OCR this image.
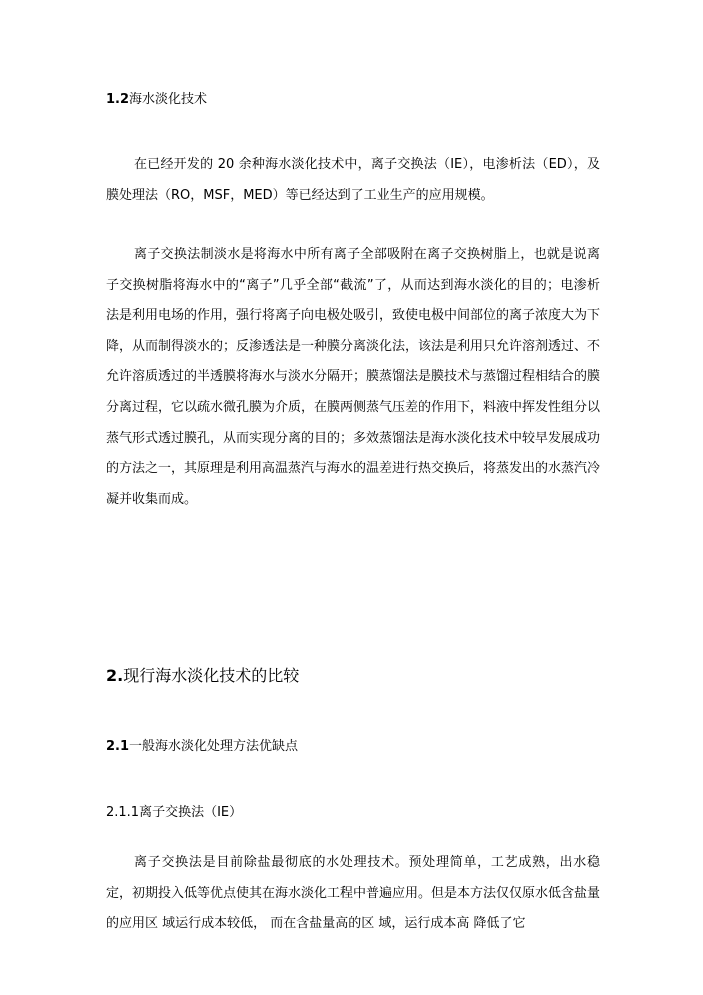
1.2海水淡化技术

在已经开发的 20 余种海水淡化技术中，离子交换法（IE），电渗析法（ED），及膜处理法（RO，MSF，MED）等已经达到了工业生产的应用规模。

离子交换法制淡水是将海水中所有离子全部吸附在离子交换树脂上，也就是说离子交换树脂将海水中的“离子”几乎全部“截流”了，从而达到海水淡化的目的；电渗析法是利用电场的作用，强行将离子向电极处吸引，致使电极中间部位的离子浓度大为下降，从而制得淡水的；反渗透法是一种膜分离淡化法，该法是利用只允许溶剂透过、不允许溶质透过的半透膜将海水与淡水分隔开；膜蒸馏法是膜技术与蒸馏过程相结合的膜分离过程，它以疏水微孔膜为介质，在膜两侧蒸气压差的作用下，料液中挥发性组分以蒸气形式透过膜孔，从而实现分离的目的；多效蒸馏法是海水淡化技术中较早发展成功的方法之一，其原理是利用高温蒸汽与海水的温差进行热交换后，将蒸发出的水蒸汽冷凝并收集而成。

2.现行海水淡化技术的比较
2.1一般海水淡化处理方法优缺点
2.1.1离子交换法（IE）

离子交换法是目前除盐最彻底的水处理技术。预处理简单，工艺成熟，出水稳定，初期投入低等优点使其在海水淡化工程中普遍应用。但是本方法仅仅原水低含盐量的应用区 域运行成本较低， 而在含盐量高的区 域，运行成本高 降低了它
